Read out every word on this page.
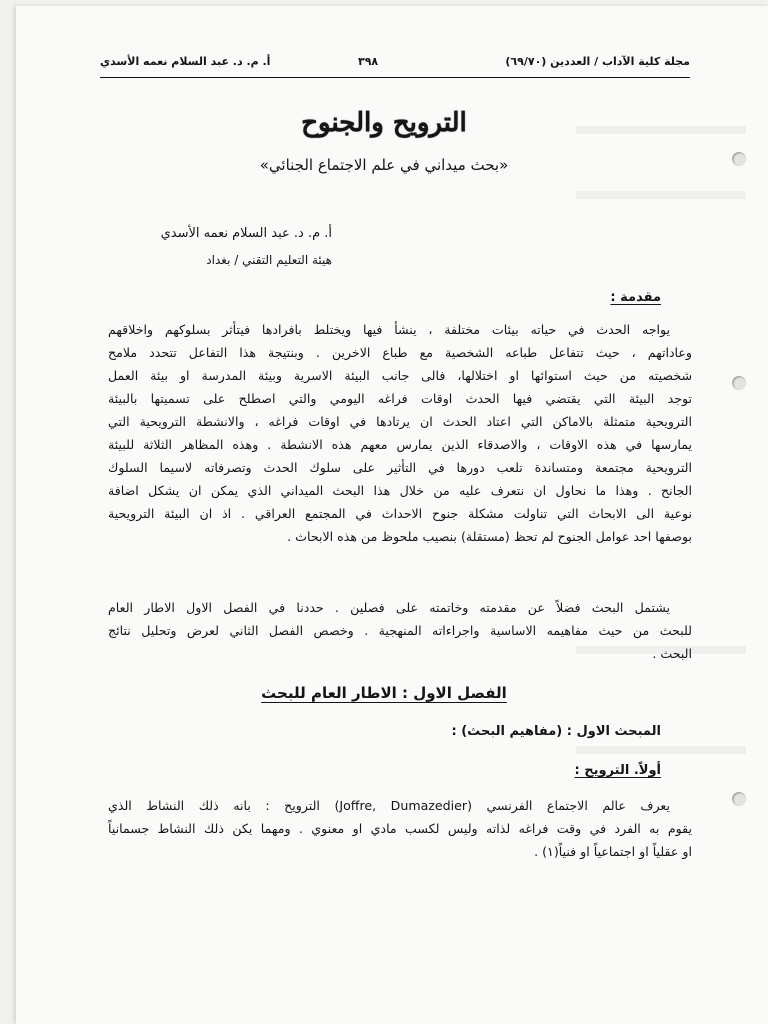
مجلة كلية الآداب / العددين (٦٩/٧٠)
٣٩٨
أ. م. د. عبد السلام نعمه الأسدي
الترويح والجنوح
«بحث ميداني في علم الاجتماع الجنائي»
أ. م. د. عبد السلام نعمه الأسدي
هيئة التعليم التقني / بغداد
مقدمة :
يواجه الحدث في حياته بيئات مختلفة ، ينشأ فيها ويختلط بافرادها فيتأثر بسلوكهم واخلاقهم
وعاداتهم ، حيث تتفاعل طباعه الشخصية مع طباع الاخرين . وبنتيجة هذا التفاعل تتحدد ملامح
شخصيته من حيث استوائها او اختلالها، فالى جانب البيئة الاسرية وبيئة المدرسة او بيئة العمل
توجد البيئة التي يقتضي فيها الحدث اوقات فراغه اليومي والتي اصطلح على تسميتها بالبيئة
الترويحية متمثلة بالاماكن التي اعتاد الحدث ان يرتادها في اوقات فراغه ، والانشطة الترويحية التي
يمارسها في هذه الاوقات ، والاصدقاء الذين يمارس معهم هذه الانشطة . وهذه المظاهر الثلاثة للبيئة
الترويحية مجتمعة ومتساندة تلعب دورها في التأثير على سلوك الحدث وتصرفاته لاسيما السلوك
الجانح . وهذا ما نحاول ان نتعرف عليه من خلال هذا البحث الميداني الذي يمكن ان يشكل اضافة
نوعية الى الابحاث التي تناولت مشكلة جنوح الاحداث في المجتمع العراقي . اذ ان البيئة الترويحية
بوصفها احد عوامل الجنوح لم تحظ (مستقلة) بنصيب ملحوظ من هذه الابحاث .
يشتمل البحث فضلاً عن مقدمته وخاتمته على فصلين . حددنا في الفصل الاول الاطار العام
للبحث من حيث مفاهيمه الاساسية واجراءاته المنهجية . وخصص الفصل الثاني لعرض وتحليل نتائج
البحث .
الفصل الاول : الاطار العام للبحث
المبحث الاول : (مفاهيم البحث) :
أولاً. الترويح :
يعرف عالم الاجتماع الفرنسي (Joffre, Dumazedier) الترويح : بانه ذلك النشاط الذي
يقوم به الفرد في وقت فراغه لذاته وليس لكسب مادي او معنوي . ومهما يكن ذلك النشاط جسمانياً
او عقلياً او اجتماعياً او فنياً(١) .
